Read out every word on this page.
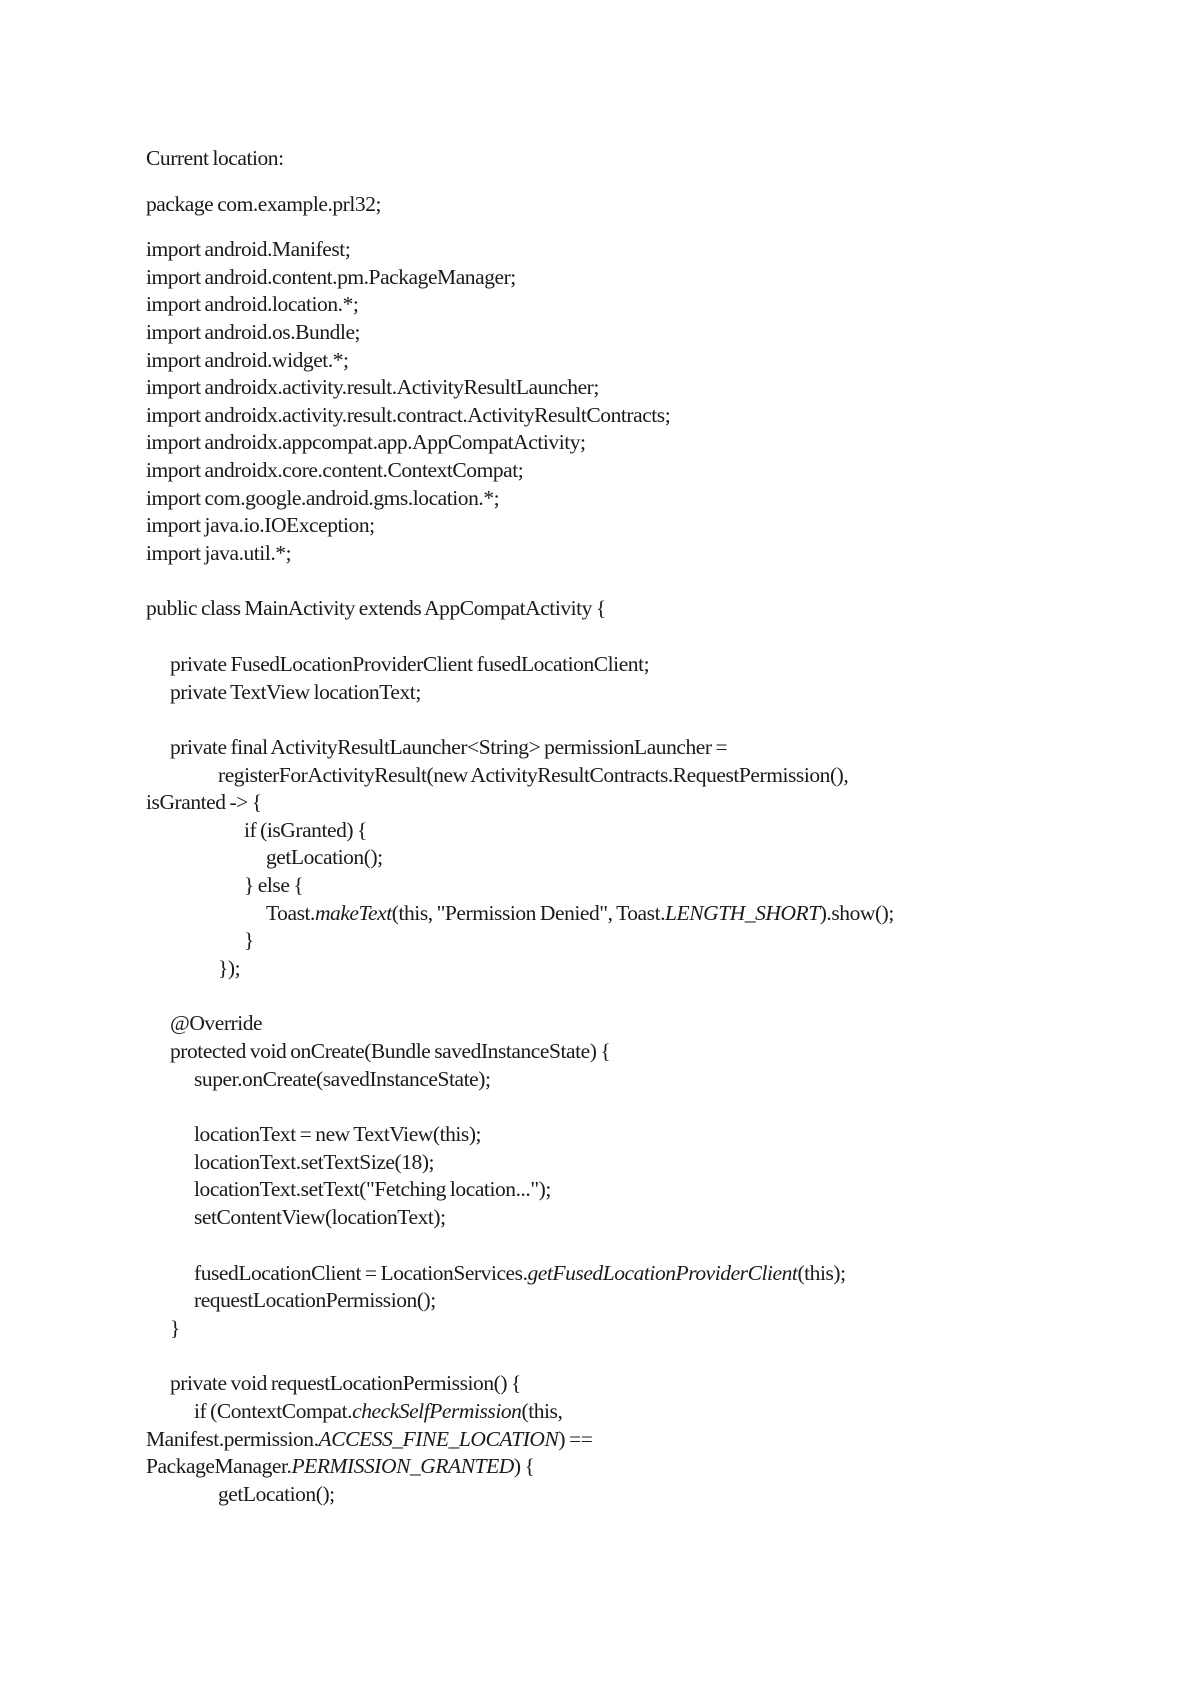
Current location:
package com.example.prl32;
import android.Manifest;
import android.content.pm.PackageManager;
import android.location.*;
import android.os.Bundle;
import android.widget.*;
import androidx.activity.result.ActivityResultLauncher;
import androidx.activity.result.contract.ActivityResultContracts;
import androidx.appcompat.app.AppCompatActivity;
import androidx.core.content.ContextCompat;
import com.google.android.gms.location.*;
import java.io.IOException;
import java.util.*;
public class MainActivity extends AppCompatActivity {
private FusedLocationProviderClient fusedLocationClient;
private TextView locationText;
private final ActivityResultLauncher<String> permissionLauncher =
registerForActivityResult(new ActivityResultContracts.RequestPermission(),
isGranted -> {
if (isGranted) {
getLocation();
} else {
Toast.makeText(this, "Permission Denied", Toast.LENGTH_SHORT).show();
}
});
@Override
protected void onCreate(Bundle savedInstanceState) {
super.onCreate(savedInstanceState);
locationText = new TextView(this);
locationText.setTextSize(18);
locationText.setText("Fetching location...");
setContentView(locationText);
fusedLocationClient = LocationServices.getFusedLocationProviderClient(this);
requestLocationPermission();
}
private void requestLocationPermission() {
if (ContextCompat.checkSelfPermission(this,
Manifest.permission.ACCESS_FINE_LOCATION) ==
PackageManager.PERMISSION_GRANTED) {
getLocation();
